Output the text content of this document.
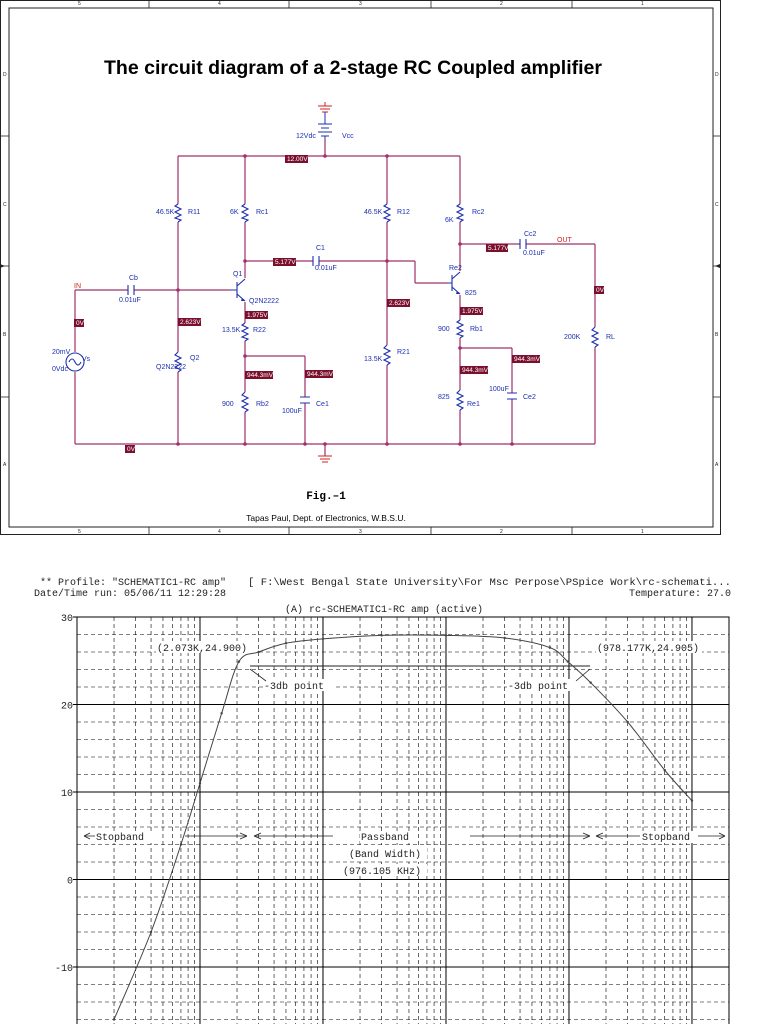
5	4	3	2	1
5	4	3	2	1
D
C
B
A
D
C
B
A
The circuit diagram of a 2-stage RC Coupled amplifier
12Vdc	Vcc
46.5K R11	6K Rc1	46.5K R12
6K
Rc2
Q2N2222
Q2	13.5K
R21
13.5K R22	900	Rb1
900	Rb2
825
Re1
200K	RL
Cb
0.01uF
C1
0.01uF
Cc2
0.01uF
100uF
Ce1
100uF
Ce2
Q1
Q2N2222
Re2
825
Vs
20mV
0Vdc
IN
OUT
12.00V
5.177V
5.177V
0V
2.623V
2.623V
1.975V
1.975V
944.3mV	944.3mV
944.3mV
944.3mV
0V
0V
Fig.–1
Tapas Paul, Dept. of Electronics, W.B.S.U.
** Profile: "SCHEMATIC1-RC amp" [ F:\West Bengal State University\For Msc Perpose\PSpice Work\rc-schemati...
Date/Time run: 05/06/11 12:29:28	Temperature: 27.0
(A) rc-SCHEMATIC1-RC amp (active)
30
20
10
0
-10
(2.073K,24.900)	(978.177K,24.905)
-3db point	-3db point
Stopband	Passband
(Band Width)
(976.105 KHz)
Stopband
